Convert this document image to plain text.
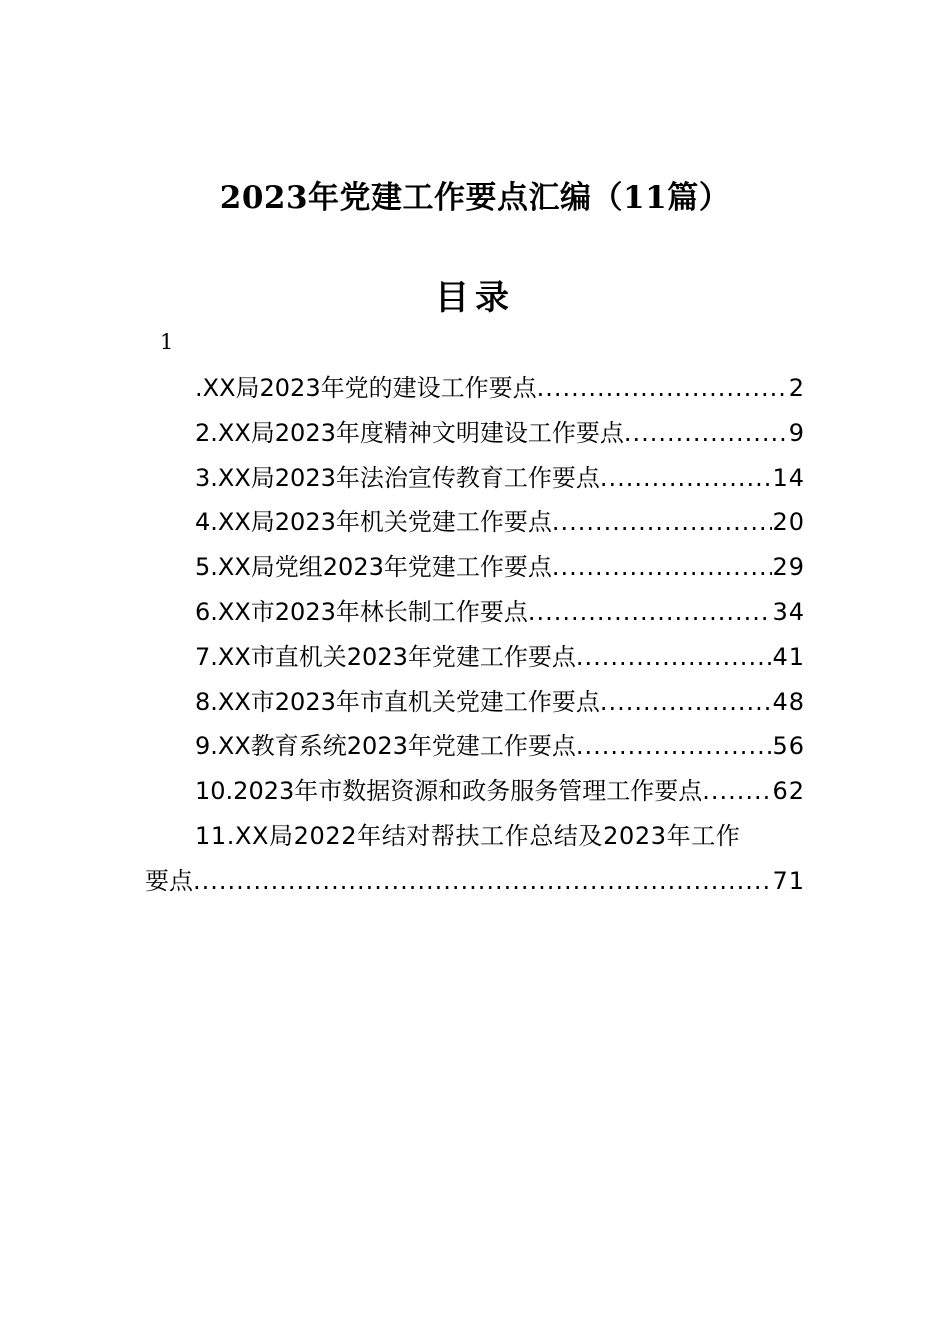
2023年党建工作要点汇编（11篇）
目录
1
.XX局2023年党的建设工作要点 .....	2
2.XX局2023年度精神文明建设工作要点 .....	9
3.XX局2023年法治宣传教育工作要点 .....	14
4.XX局2023年机关党建工作要点 .....	20
5.XX局党组2023年党建工作要点 .....	29
6.XX市2023年林长制工作要点 .....	34
7.XX市直机关2023年党建工作要点 .....	41
8.XX市2023年市直机关党建工作要点 .....	48
9.XX教育系统2023年党建工作要点 .....	56
10.2023年市数据资源和政务服务管理工作要点 .....	62
11.XX局2022年结对帮扶工作总结及2023年工作
要点 .....	71
